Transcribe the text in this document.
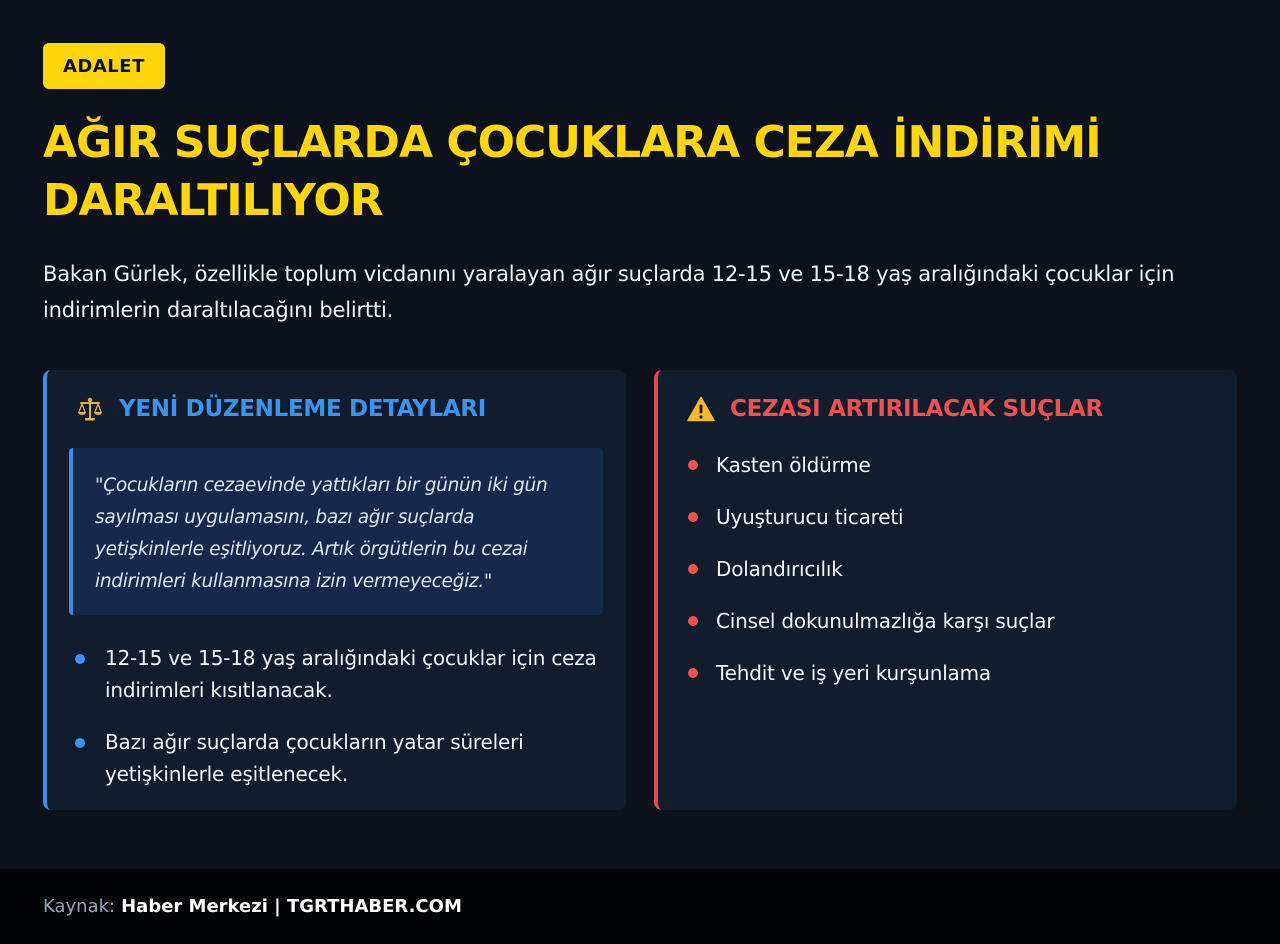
ADALET
AĞIR SUÇLARDA ÇOCUKLARA CEZA İNDİRİMİ DARALTILIYOR

Bakan Gürlek, özellikle toplum vicdanını yaralayan ağır suçlarda 12-15 ve 15-18 yaş aralığındaki çocuklar için indirimlerin daraltılacağını belirtti.

YENİ DÜZENLEME DETAYLARI
"Çocukların cezaevinde yattıkları bir günün iki gün sayılması uygulamasını, bazı ağır suçlarda yetişkinlerle eşitliyoruz. Artık örgütlerin bu cezai indirimleri kullanmasına izin vermeyeceğiz."
12-15 ve 15-18 yaş aralığındaki çocuklar için ceza indirimleri kısıtlanacak.
Bazı ağır suçlarda çocukların yatar süreleri yetişkinlerle eşitlenecek.
CEZASI ARTIRILACAK SUÇLAR
Kasten öldürme
Uyuşturucu ticareti
Dolandırıcılık
Cinsel dokunulmazlığa karşı suçlar
Tehdit ve iş yeri kurşunlama
Kaynak: Haber Merkezi | TGRTHABER.COM
